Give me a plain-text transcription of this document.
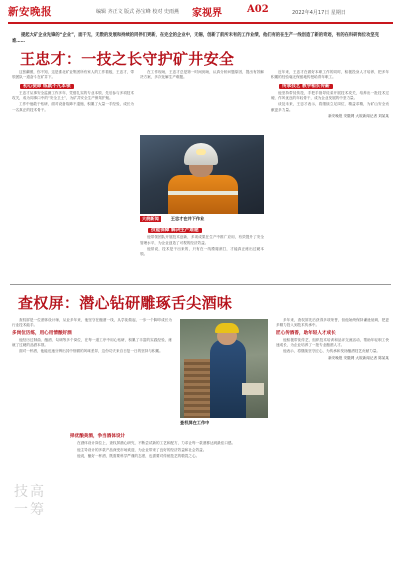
新安晚报	编辑 齐正文 版式 孙宝峰 校对 史雨燕 家视界	A02	2022年4月17日 星期日
提起大矿企业先锋的“企业”，面千无，无数的发展和持续的同伴们更新，在完全的企业中，无锡，创新了前所未有的工作业绩，他们有的在生产一线创造了新的奇迹，有的在科研岗位攻坚克难……
王忠才：一技之长守护矿井安全

这张翻照，你不知，这是淮北矿业集团所有家人的工作看板，王忠才，带领团队一道奋斗在矿井下。

初心使命 练就不凡本领

王忠才从事安全监测工作多年，凭借扎实的专业本领，先后参与多项技术攻关，成为同事口中的“安全卫士”，为矿井安全生产保驾护航。

工作中他敢于钻研，面对设备故障不退缩，积累了大量一手经验，成长为一名真正的技术骨干。

在工作现场，王忠才总是第一时间到场，认真分析问题原因，提出有效解决方案，多次化解生产难题。

大皖新闻	王忠才在井下作业
技能保障 解决生产难题

他带领团队开展技术创新，多项成果在生产中推广应用，有效提升了安全管理水平，为企业创造了可观的经济效益。

他常说，技术是干出来的，只有在一线摸爬滚打，才能真正练出过硬本领。

近年来，王忠才在做好本职工作的同时，积极投身人才培养，把多年积累的经验毫无保留地传授给青年职工。

传承技艺 教学相长传薪

他坚持带徒传技，手把手指导徒弟开展技术攻关，培养出一批技术过硬、作风优良的年轻骨干，成为企业发展的中坚力量。

谈及未来，王忠才表示，将继续立足岗位、精益求精，为矿山安全贡献更多力量。

新安晚报 安徽网 大皖新闻记者 刘某某
查权屏：潜心钻研雕琢舌尖酒味

查权屏是一位酒体设计师，从业多年来，他坚守在酿酒一线，从学徒做起，一步一个脚印成长为行业技术能手。

多岗位历练，用心用情酿好酒

他经历过制曲、酿酒、勾调等多个岗位，在每一道工序中用心钻研，积累了丰富的实践经验，练就了过硬的品酒本领。

面对一杯酒，他能迅速分辨出其中细微的风味差异，这份功夫来自日复一日的坚持与积累。

查权屏在工作中
择优酿美酒，争当酒体设计

在酒体设计岗位上，查权屏潜心研究，不断尝试新的工艺和配方，力求让每一款酒都达到最佳口感。

他主导设计的多款产品深受市场欢迎，为企业带来了良好的经济效益和社会效益。

他说，酿好一杯酒，既需要科学严谨的态度，也需要对传统技艺的敬畏之心。

多年来，查权屏先后获得多项荣誉，但他始终保持谦逊低调，把更多精力投入到技术传承中。

匠心传酒香，助年轻人才成长

他积极带徒传艺，组织技术培训和品评交流活动，帮助年轻职工快速成长，为企业培养了一批专业酿酒人才。

他表示，将继续坚守匠心，为传承和发扬酿酒技艺贡献力量。

新安晚报 安徽网 大皖新闻记者 陈某某
技高一筹
